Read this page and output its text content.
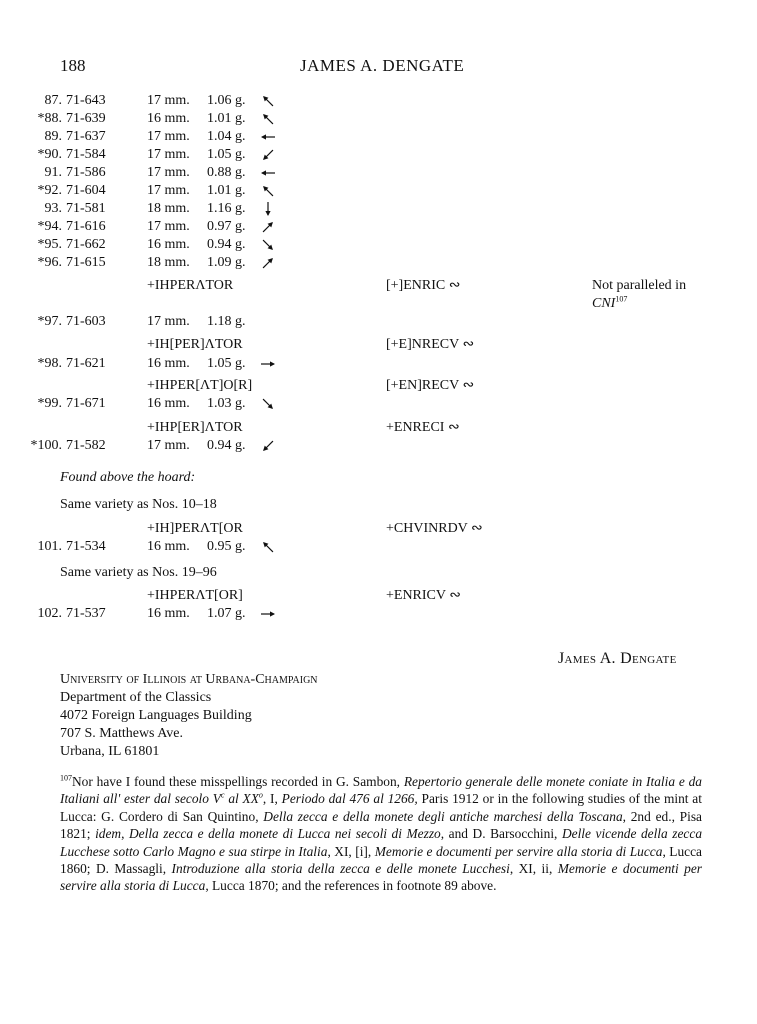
188	JAMES A. DENGATE
87. 71-643	17 mm. 1.06 g.
*88. 71-639	16 mm. 1.01 g.
89. 71-637	17 mm. 1.04 g.
*90. 71-584	17 mm. 1.05 g.
91. 71-586	17 mm. 0.88 g.
*92. 71-604	17 mm. 1.01 g.
93. 71-581	18 mm. 1.16 g.
*94. 71-616	17 mm. 0.97 g.
*95. 71-662	16 mm. 0.94 g.
*96. 71-615	18 mm. 1.09 g.
+IHPERΛTOR	[+]ENRIC ∾	Not paralleled in
CNI$^{107}$
*97. 71-603	17 mm. 1.18 g.
+IH[PER]ΛTOR	[+E]NRECV ∾
*98. 71-621	16 mm. 1.05 g.
+IHPER[ΛT]O[R]	[+EN]RECV ∾
*99. 71-671	16 mm. 1.03 g.
+IHP[ER]ΛTOR	+ENRECI ∾
*100. 71-582	17 mm. 0.94 g.
Found above the hoard:
Same variety as Nos. 10–18
+IH]PERΛT[OR	+CHVINRDV ∾
101. 71-534	16 mm. 0.95 g.
Same variety as Nos. 19–96
+IHPERΛT[OR]	+ENRICV ∾
102. 71-537	16 mm. 1.07 g.
James A. Dengate
University of Illinois at Urbana-Champaign
Department of the Classics
4072 Foreign Languages Building
707 S. Matthews Ave.
Urbana, IL 61801
$^{107}$Nor have I found these misspellings recorded in G. Sambon, Repertorio generale delle monete coniate in Italia e da Italiani all' ester dal secolo $V^c$ al $XX^o$, I, Periodo dal 476 al 1266, Paris 1912 or in the following studies of the mint at Lucca: G. Cordero di San Quintino, Della zecca e della monete degli antiche marchesi della Toscana, 2nd ed., Pisa 1821; idem, Della zecca e della monete di Lucca nei secoli di Mezzo, and D. Barsocchini, Delle vicende della zecca Lucchese sotto Carlo Magno e sua stirpe in Italia, XI, [i], Memorie e documenti per servire alla storia di Lucca, Lucca 1860; D. Massagli, Introduzione alla storia della zecca e delle monete Lucchesi, XI, ii, Memorie e documenti per servire alla storia di Lucca, Lucca 1870; and the references in footnote 89 above.
